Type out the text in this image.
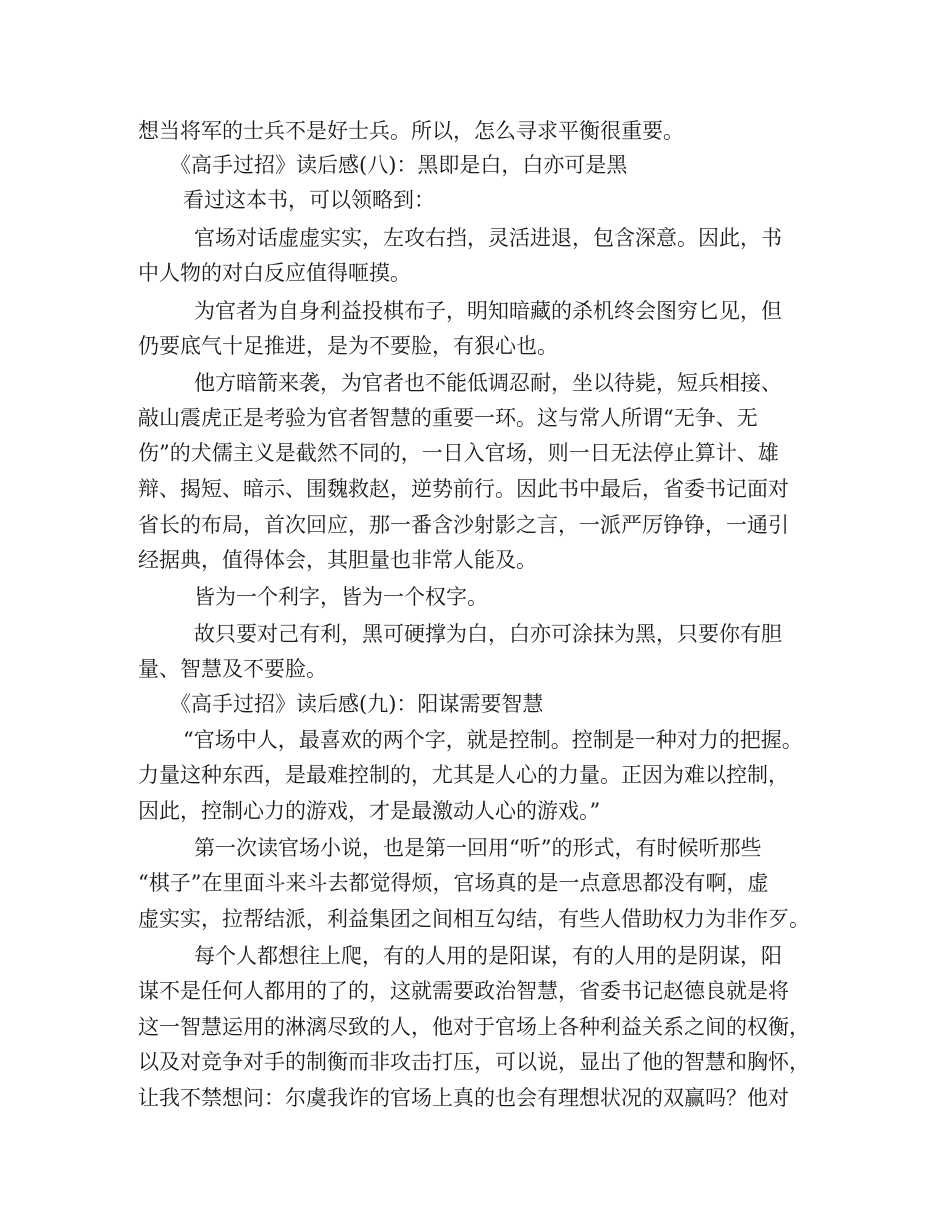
想当将军的士兵不是好士兵。所以，怎么寻求平衡很重要。
《高手过招》读后感(八)：黑即是白，白亦可是黑
看过这本书，可以领略到：
官场对话虚虚实实，左攻右挡，灵活进退，包含深意。因此，书
中人物的对白反应值得咂摸。
为官者为自身利益投棋布子，明知暗藏的杀机终会图穷匕见，但
仍要底气十足推进，是为不要脸，有狠心也。
他方暗箭来袭，为官者也不能低调忍耐，坐以待毙，短兵相接、
敲山震虎正是考验为官者智慧的重要一环。这与常人所谓“无争、无
伤”的犬儒主义是截然不同的，一日入官场，则一日无法停止算计、雄
辩、揭短、暗示、围魏救赵，逆势前行。因此书中最后，省委书记面对
省长的布局，首次回应，那一番含沙射影之言，一派严厉铮铮，一通引
经据典，值得体会，其胆量也非常人能及。
皆为一个利字，皆为一个权字。
故只要对己有利，黑可硬撑为白，白亦可涂抹为黑，只要你有胆
量、智慧及不要脸。
《高手过招》读后感(九)：阳谋需要智慧
“官场中人，最喜欢的两个字，就是控制。控制是一种对力的把握。
力量这种东西，是最难控制的，尤其是人心的力量。正因为难以控制，
因此，控制心力的游戏，才是最激动人心的游戏。”
第一次读官场小说，也是第一回用“听”的形式，有时候听那些
“棋子”在里面斗来斗去都觉得烦，官场真的是一点意思都没有啊，虚
虚实实，拉帮结派，利益集团之间相互勾结，有些人借助权力为非作歹。
每个人都想往上爬，有的人用的是阳谋，有的人用的是阴谋，阳
谋不是任何人都用的了的，这就需要政治智慧，省委书记赵德良就是将
这一智慧运用的淋漓尽致的人，他对于官场上各种利益关系之间的权衡，
以及对竞争对手的制衡而非攻击打压，可以说，显出了他的智慧和胸怀，
让我不禁想问：尔虞我诈的官场上真的也会有理想状况的双赢吗？他对
